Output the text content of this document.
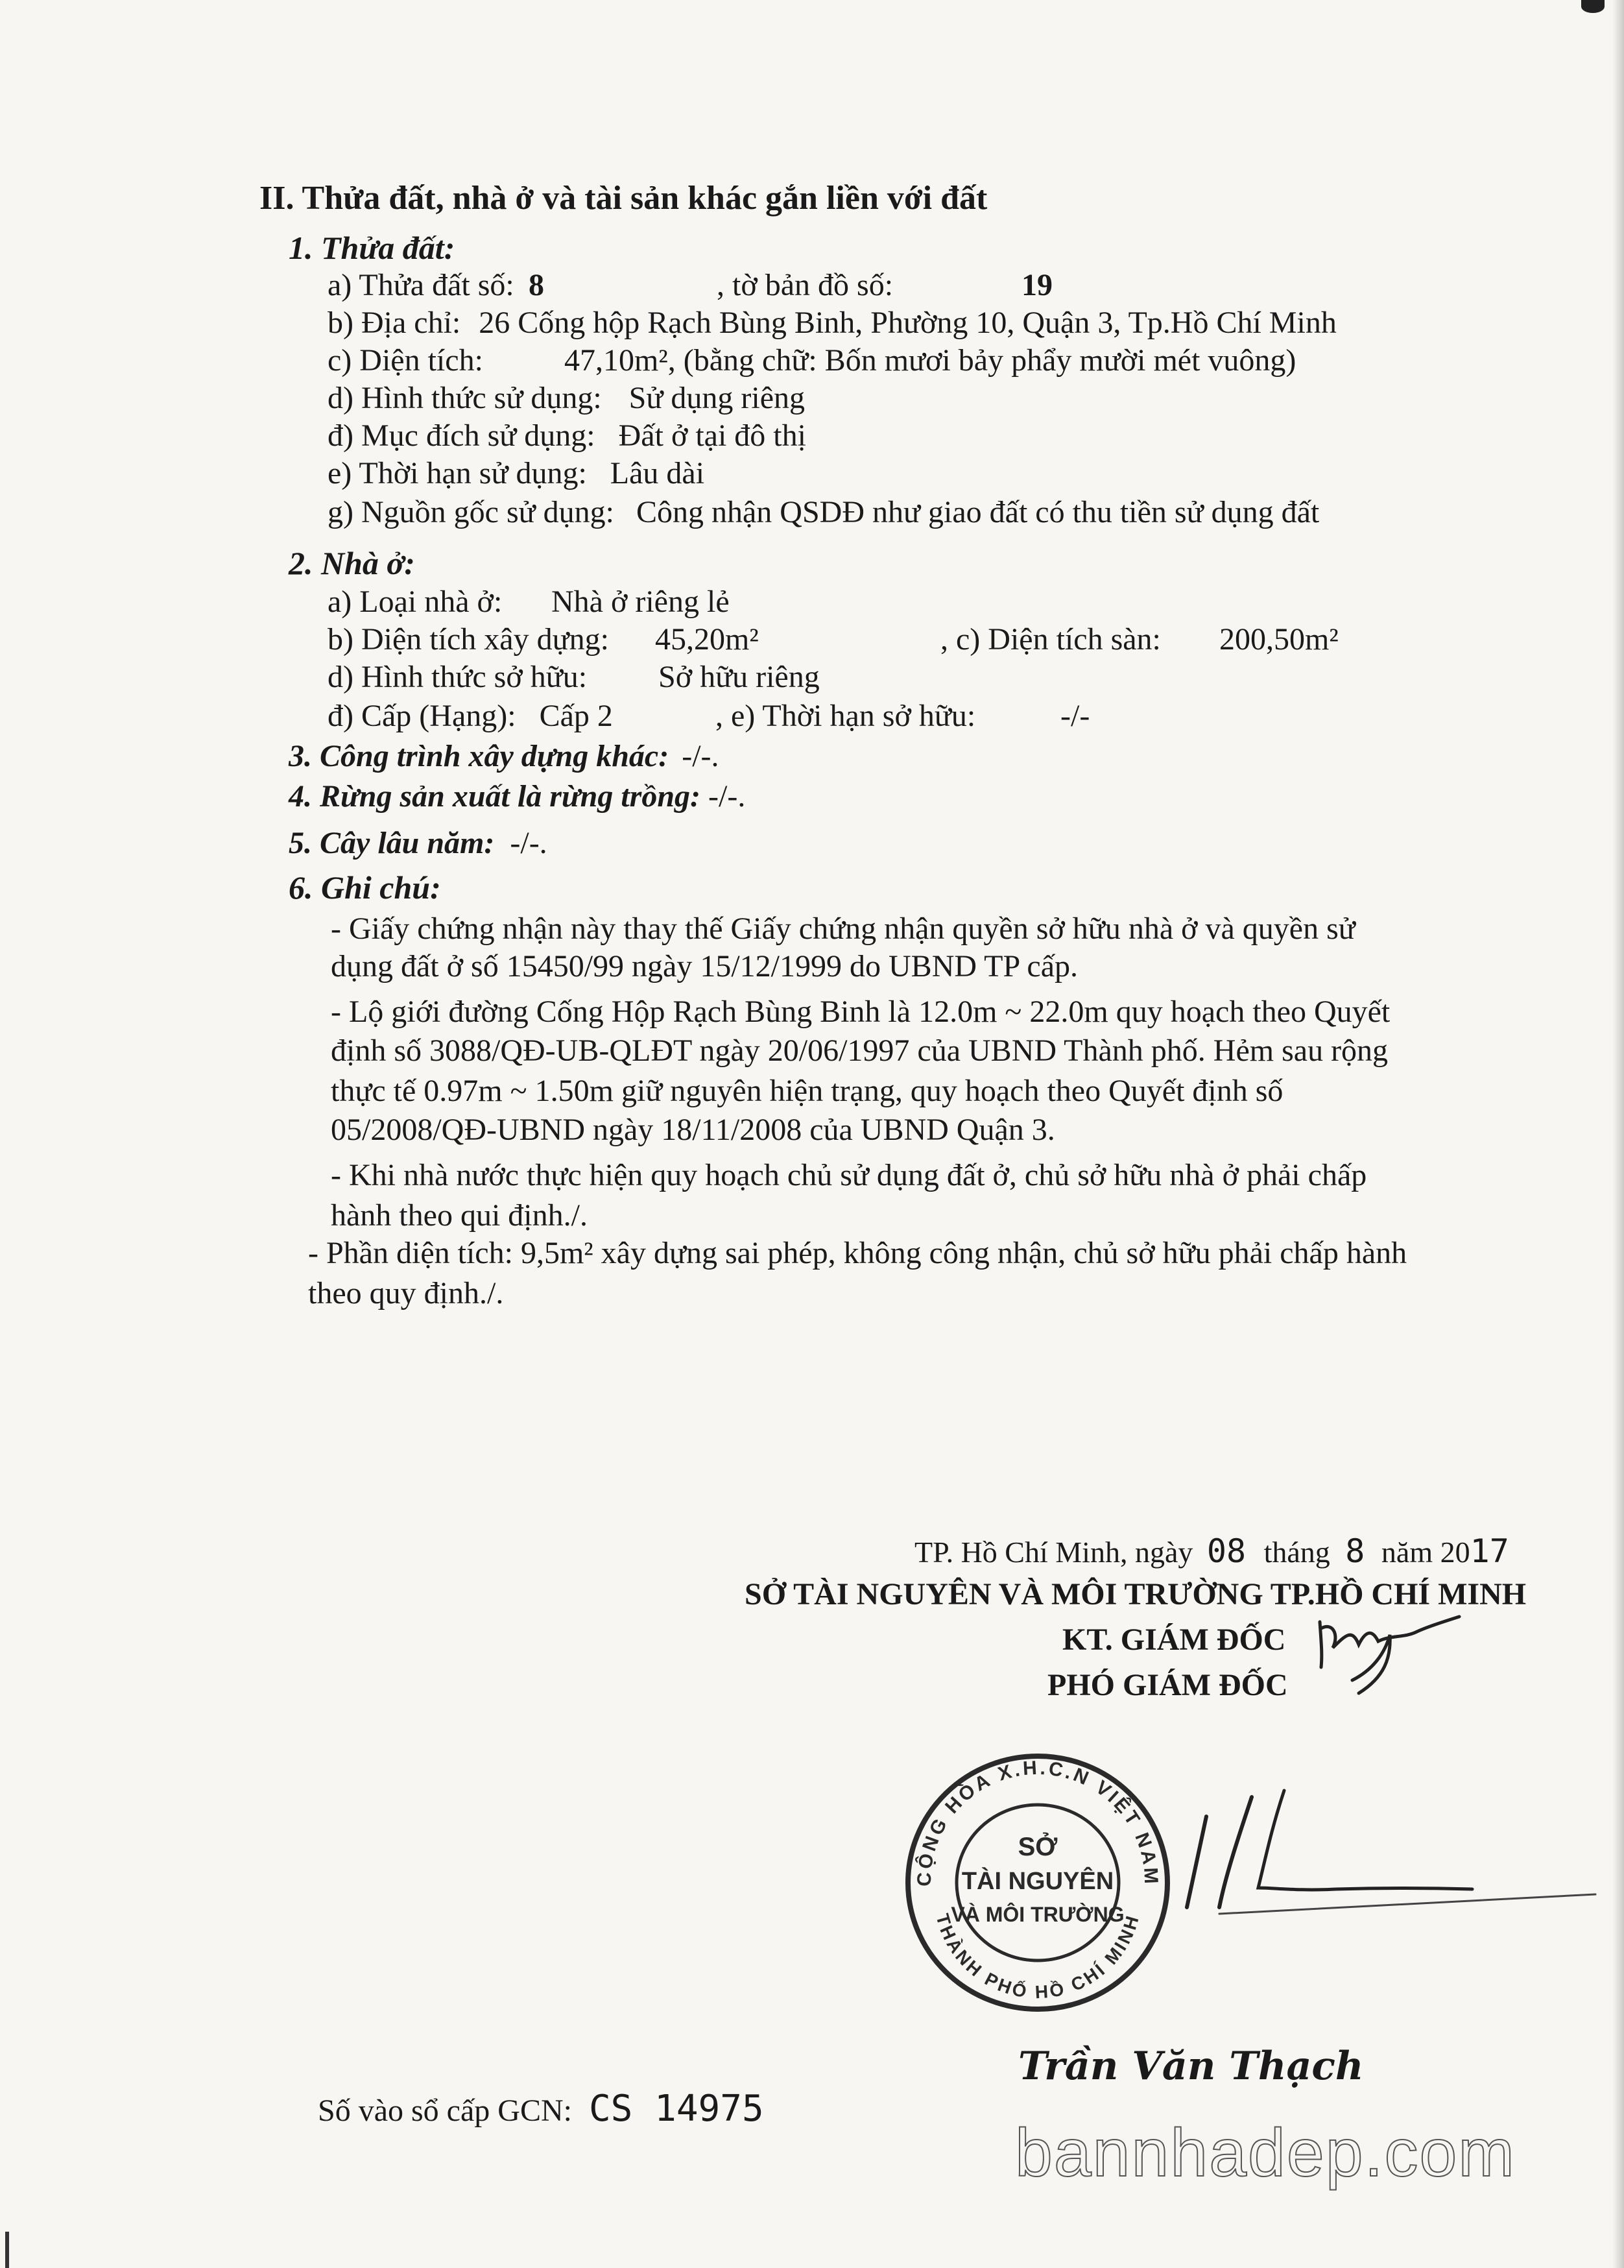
II. Thửa đất, nhà ở và tài sản khác gắn liền với đất
1. Thửa đất:
a) Thửa đất số: 8	, tờ bản đồ số:	19
b) Địa chỉ: 26 Cống hộp Rạch Bùng Binh, Phường 10, Quận 3, Tp.Hồ Chí Minh
c) Diện tích:	47,10m², (bằng chữ: Bốn mươi bảy phẩy mười mét vuông)
d) Hình thức sử dụng: Sử dụng riêng
đ) Mục đích sử dụng: Đất ở tại đô thị
e) Thời hạn sử dụng: Lâu dài
g) Nguồn gốc sử dụng: Công nhận QSDĐ như giao đất có thu tiền sử dụng đất
2. Nhà ở:
a) Loại nhà ở: Nhà ở riêng lẻ
b) Diện tích xây dựng: 45,20m²	, c) Diện tích sàn: 200,50m²
d) Hình thức sở hữu: Sở hữu riêng
đ) Cấp (Hạng): Cấp 2	, e) Thời hạn sở hữu:	-/-
3. Công trình xây dựng khác: -/-.
4. Rừng sản xuất là rừng trồng: -/-.
5. Cây lâu năm: -/-.
6. Ghi chú:
- Giấy chứng nhận này thay thế Giấy chứng nhận quyền sở hữu nhà ở và quyền sử
dụng đất ở số 15450/99 ngày 15/12/1999 do UBND TP cấp.
- Lộ giới đường Cống Hộp Rạch Bùng Binh là 12.0m ~ 22.0m quy hoạch theo Quyết
định số 3088/QĐ-UB-QLĐT ngày 20/06/1997 của UBND Thành phố. Hẻm sau rộng
thực tế 0.97m ~ 1.50m giữ nguyên hiện trạng, quy hoạch theo Quyết định số
05/2008/QĐ-UBND ngày 18/11/2008 của UBND Quận 3.
- Khi nhà nước thực hiện quy hoạch chủ sử dụng đất ở, chủ sở hữu nhà ở phải chấp
hành theo qui định./.
- Phần diện tích: 9,5m² xây dựng sai phép, không công nhận, chủ sở hữu phải chấp hành
theo quy định./.
TP. Hồ Chí Minh, ngày 08 tháng 8 năm 2017
SỞ TÀI NGUYÊN VÀ MÔI TRƯỜNG TP.HỒ CHÍ MINH
KT. GIÁM ĐỐC
PHÓ GIÁM ĐỐC
CỘNG HÒA X.H.C.N VIỆT NAM
THÀNH PHỐ HỒ CHÍ MINH
SỞ
TÀI NGUYÊN
VÀ MÔI TRƯỜNG
Trần Văn Thạch
Số vào sổ cấp GCN: CS 14975
bannhadep.com
